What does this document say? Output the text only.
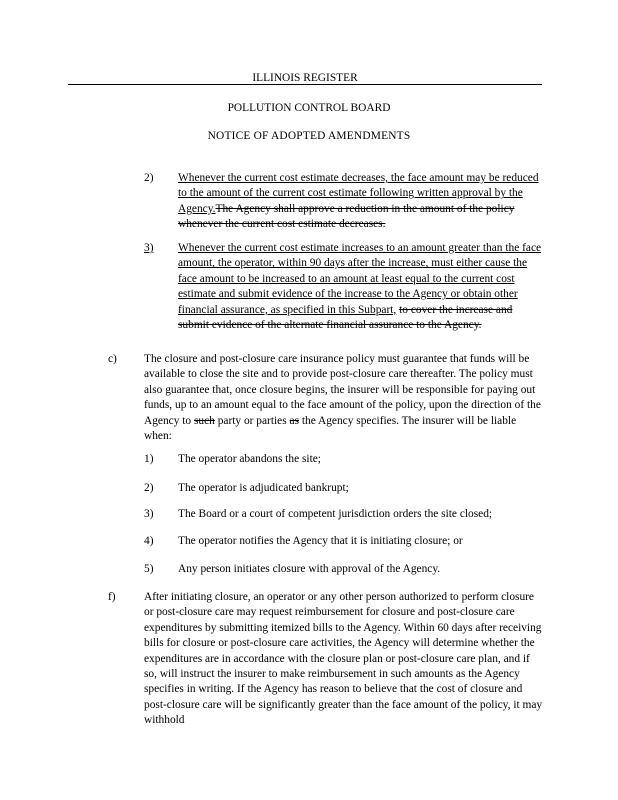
ILLINOIS REGISTER
POLLUTION CONTROL BOARD
NOTICE OF ADOPTED AMENDMENTS
2) Whenever the current cost estimate decreases, the face amount may be reduced to the amount of the current cost estimate following written approval by the Agency.The Agency shall approve a reduction in the amount of the policy whenever the current cost estimate decreases.
3) Whenever the current cost estimate increases to an amount greater than the face amount, the operator, within 90 days after the increase, must either cause the face amount to be increased to an amount at least equal to the current cost estimate and submit evidence of the increase to the Agency or obtain other financial assurance, as specified in this Subpart, to cover the increase and submit evidence of the alternate financial assurance to the Agency.
c) The closure and post-closure care insurance policy must guarantee that funds will be available to close the site and to provide post-closure care thereafter. The policy must also guarantee that, once closure begins, the insurer will be responsible for paying out funds, up to an amount equal to the face amount of the policy, upon the direction of the Agency to such party or parties as the Agency specifies. The insurer will be liable when:
1) The operator abandons the site;
2) The operator is adjudicated bankrupt;
3) The Board or a court of competent jurisdiction orders the site closed;
4) The operator notifies the Agency that it is initiating closure; or
5) Any person initiates closure with approval of the Agency.
f) After initiating closure, an operator or any other person authorized to perform closure or post-closure care may request reimbursement for closure and post-closure care expenditures by submitting itemized bills to the Agency. Within 60 days after receiving bills for closure or post-closure care activities, the Agency will determine whether the expenditures are in accordance with the closure plan or post-closure care plan, and if so, will instruct the insurer to make reimbursement in such amounts as the Agency specifies in writing. If the Agency has reason to believe that the cost of closure and post-closure care will be significantly greater than the face amount of the policy, it may withhold
